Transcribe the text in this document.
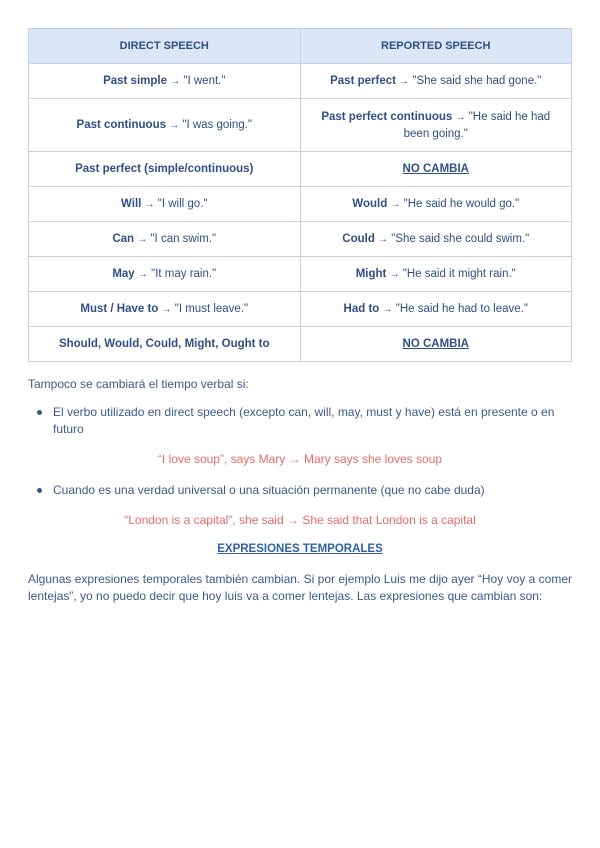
DIRECT SPEECH	REPORTED SPEECH
Past simple → "I went."	Past perfect → "She said she had gone."
Past continuous → "I was going."	Past perfect continuous → "He said he had been going."
Past perfect (simple/continuous)	NO CAMBIA
Will → "I will go."	Would → "He said he would go."
Can → "I can swim."	Could → "She said she could swim."
May → "It may rain."	Might → "He said it might rain."
Must / Have to → "I must leave."	Had to → "He said he had to leave."
Should, Would, Could, Might, Ought to	NO CAMBIA
Tampoco se cambiará el tiempo verbal si:
El verbo utilizado en direct speech (excepto can, will, may, must y have) está en presente o en futuro
“I love soup”, says Mary → Mary says she loves soup
Cuando es una verdad universal o una situación permanente (que no cabe duda)
“London is a capital”, she said → She said that London is a capital
EXPRESIONES TEMPORALES
Algunas expresiones temporales también cambian. Si por ejemplo Luis me dijo ayer “Hoy voy a comer lentejas”, yo no puedo decir que hoy luis va a comer lentejas. Las expresiones que cambian son:
